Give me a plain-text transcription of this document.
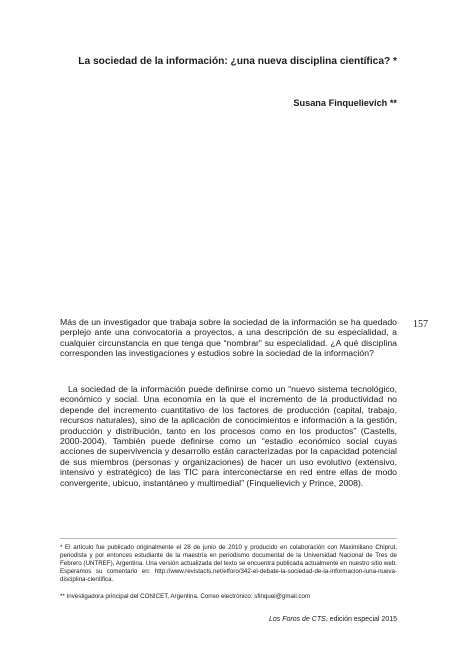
La sociedad de la información: ¿una nueva disciplina científica? *
Susana Finquelievich **
157

Más de un investigador que trabaja sobre la sociedad de la información se ha quedado perplejo ante una convocatoria a proyectos, a una descripción de su especialidad, a cualquier circunstancia en que tenga que “nombrar” su especialidad. ¿A qué disciplina corresponden las investigaciones y estudios sobre la sociedad de la información?

La sociedad de la información puede definirse como un “nuevo sistema tecnológico, económico y social. Una economía en la que el incremento de la productividad no depende del incremento cuantitativo de los factores de producción (capital, trabajo, recursos naturales), sino de la aplicación de conocimientos e información a la gestión, producción y distribución, tanto en los procesos como en los productos” (Castells, 2000-2004). También puede definirse como un “estadio económico social cuyas acciones de supervivencia y desarrollo están caracterizadas por la capacidad potencial de sus miembros (personas y organizaciones) de hacer un uso evolutivo (extensivo, intensivo y estratégico) de las TIC para interconectarse en red entre ellas de modo convergente, ubicuo, instantáneo y multimedial” (Finquelievich y Prince, 2008).

* El artículo fue publicado originalmente el 28 de junio de 2010 y producido en colaboración con Maximiliano Chiprut, periodista y por entonces estudiante de la maestría en periodismo documental de la Universidad Nacional de Tres de Febrero (UNTREF), Argentina. Una versión actualizada del texto se encuentra publicada actualmente en nuestro sitio web. Esperamos su comentario en: http://www.revistacts.net/elforo/342-el-debate-la-sociedad-de-la-informacion-iuna-nueva-disciplina-cientifica.

** Investigadora principal del CONICET, Argentina. Correo electrónico: sfinquel@gmail.com

Los Foros de CTS, edición especial 2015
